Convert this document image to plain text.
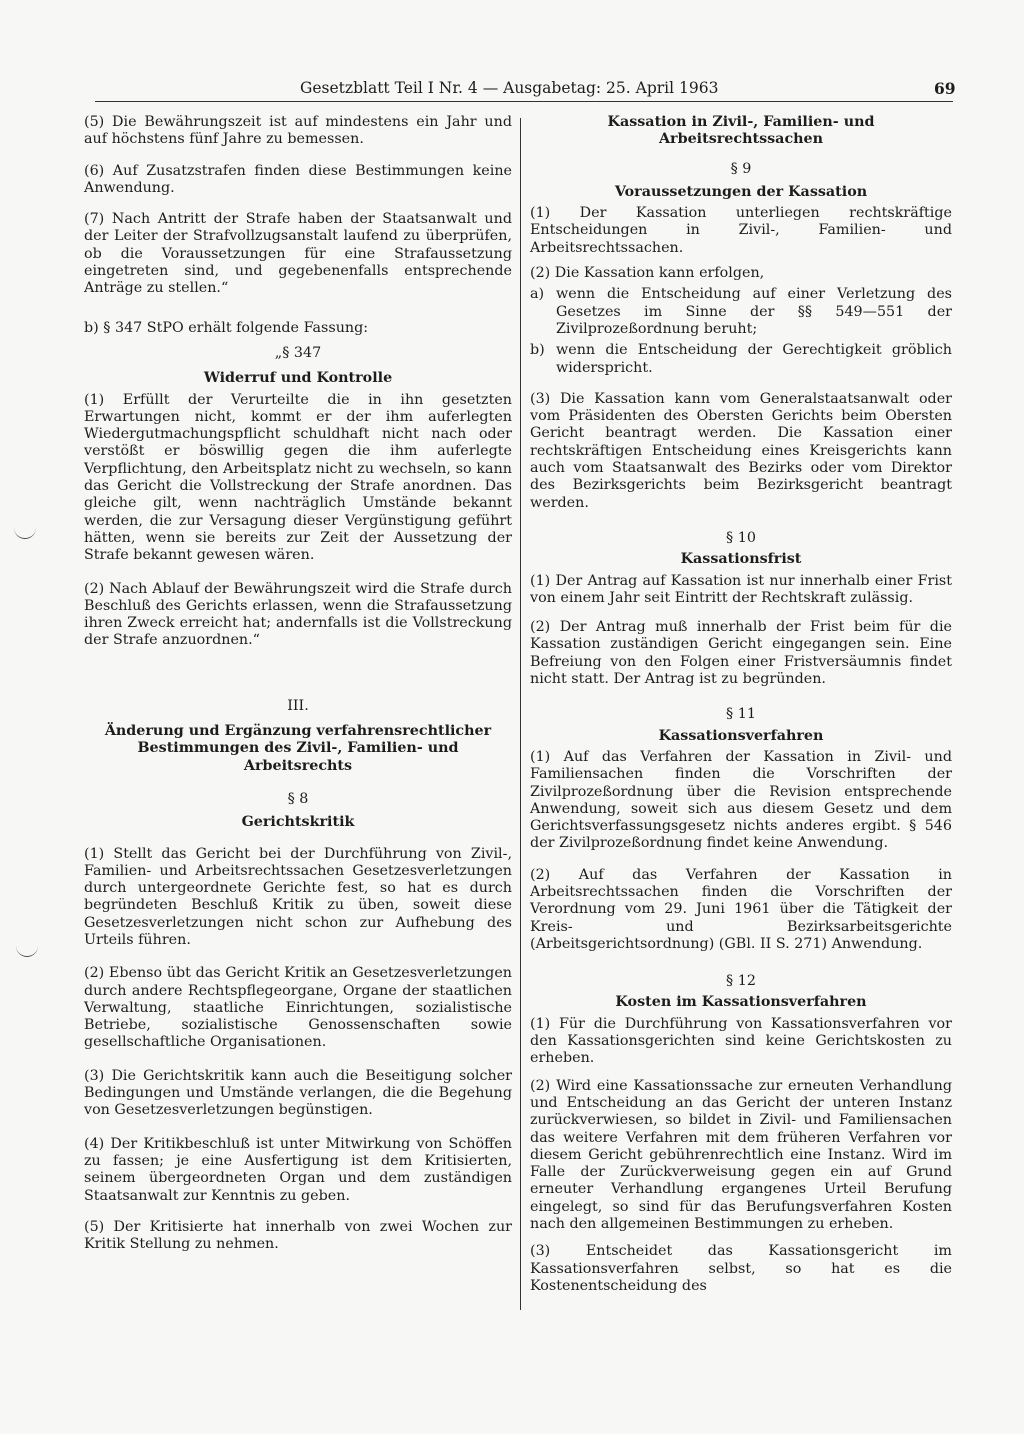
Gesetzblatt Teil I Nr. 4 — Ausgabetag: 25. April 1963	69
(5) Die Bewährungszeit ist auf mindestens ein Jahr und auf höchstens fünf Jahre zu bemessen.
(6) Auf Zusatzstrafen finden diese Bestimmungen keine Anwendung.
(7) Nach Antritt der Strafe haben der Staatsanwalt und der Leiter der Strafvollzugsanstalt laufend zu überprüfen, ob die Voraussetzungen für eine Strafaussetzung eingetreten sind, und gegebenenfalls entsprechende Anträge zu stellen.“
b) § 347 StPO erhält folgende Fassung:
„§ 347
Widerruf und Kontrolle
(1) Erfüllt der Verurteilte die in ihn gesetzten Erwartungen nicht, kommt er der ihm auferlegten Wiedergutmachungspflicht schuldhaft nicht nach oder verstößt er böswillig gegen die ihm auferlegte Verpflichtung, den Arbeitsplatz nicht zu wechseln, so kann das Gericht die Vollstreckung der Strafe anordnen. Das gleiche gilt, wenn nachträglich Umstände bekannt werden, die zur Versagung dieser Vergünstigung geführt hätten, wenn sie bereits zur Zeit der Aussetzung der Strafe bekannt gewesen wären.
(2) Nach Ablauf der Bewährungszeit wird die Strafe durch Beschluß des Gerichts erlassen, wenn die Strafaussetzung ihren Zweck erreicht hat; andernfalls ist die Vollstreckung der Strafe anzuordnen.“
III.
Änderung und Ergänzung verfahrensrechtlicher Bestimmungen des Zivil-, Familien- und Arbeitsrechts
§ 8
Gerichtskritik
(1) Stellt das Gericht bei der Durchführung von Zivil-, Familien- und Arbeitsrechtssachen Gesetzesverletzungen durch untergeordnete Gerichte fest, so hat es durch begründeten Beschluß Kritik zu üben, soweit diese Gesetzesverletzungen nicht schon zur Aufhebung des Urteils führen.
(2) Ebenso übt das Gericht Kritik an Gesetzesverletzungen durch andere Rechtspflegeorgane, Organe der staatlichen Verwaltung, staatliche Einrichtungen, sozialistische Betriebe, sozialistische Genossenschaften sowie gesellschaftliche Organisationen.
(3) Die Gerichtskritik kann auch die Beseitigung solcher Bedingungen und Umstände verlangen, die die Begehung von Gesetzesverletzungen begünstigen.
(4) Der Kritikbeschluß ist unter Mitwirkung von Schöffen zu fassen; je eine Ausfertigung ist dem Kritisierten, seinem übergeordneten Organ und dem zuständigen Staatsanwalt zur Kenntnis zu geben.
(5) Der Kritisierte hat innerhalb von zwei Wochen zur Kritik Stellung zu nehmen.
Kassation in Zivil-, Familien- und Arbeitsrechtssachen
§ 9
Voraussetzungen der Kassation
(1) Der Kassation unterliegen rechtskräftige Entscheidungen in Zivil-, Familien- und Arbeitsrechtssachen.
(2) Die Kassation kann erfolgen,
a) wenn die Entscheidung auf einer Verletzung des Gesetzes im Sinne der §§ 549—551 der Zivilprozeßordnung beruht;
b) wenn die Entscheidung der Gerechtigkeit gröblich widerspricht.
(3) Die Kassation kann vom Generalstaatsanwalt oder vom Präsidenten des Obersten Gerichts beim Obersten Gericht beantragt werden. Die Kassation einer rechtskräftigen Entscheidung eines Kreisgerichts kann auch vom Staatsanwalt des Bezirks oder vom Direktor des Bezirksgerichts beim Bezirksgericht beantragt werden.
§ 10
Kassationsfrist
(1) Der Antrag auf Kassation ist nur innerhalb einer Frist von einem Jahr seit Eintritt der Rechtskraft zulässig.
(2) Der Antrag muß innerhalb der Frist beim für die Kassation zuständigen Gericht eingegangen sein. Eine Befreiung von den Folgen einer Fristversäumnis findet nicht statt. Der Antrag ist zu begründen.
§ 11
Kassationsverfahren
(1) Auf das Verfahren der Kassation in Zivil- und Familiensachen finden die Vorschriften der Zivilprozeßordnung über die Revision entsprechende Anwendung, soweit sich aus diesem Gesetz und dem Gerichtsverfassungsgesetz nichts anderes ergibt. § 546 der Zivilprozeßordnung findet keine Anwendung.
(2) Auf das Verfahren der Kassation in Arbeitsrechtssachen finden die Vorschriften der Verordnung vom 29. Juni 1961 über die Tätigkeit der Kreis- und Bezirksarbeitsgerichte (Arbeitsgerichtsordnung) (GBl. II S. 271) Anwendung.
§ 12
Kosten im Kassationsverfahren
(1) Für die Durchführung von Kassationsverfahren vor den Kassationsgerichten sind keine Gerichtskosten zu erheben.
(2) Wird eine Kassationssache zur erneuten Verhandlung und Entscheidung an das Gericht der unteren Instanz zurückverwiesen, so bildet in Zivil- und Familiensachen das weitere Verfahren mit dem früheren Verfahren vor diesem Gericht gebührenrechtlich eine Instanz. Wird im Falle der Zurückverweisung gegen ein auf Grund erneuter Verhandlung ergangenes Urteil Berufung eingelegt, so sind für das Berufungsverfahren Kosten nach den allgemeinen Bestimmungen zu erheben.
(3) Entscheidet das Kassationsgericht im Kassationsverfahren selbst, so hat es die Kostenentscheidung des
